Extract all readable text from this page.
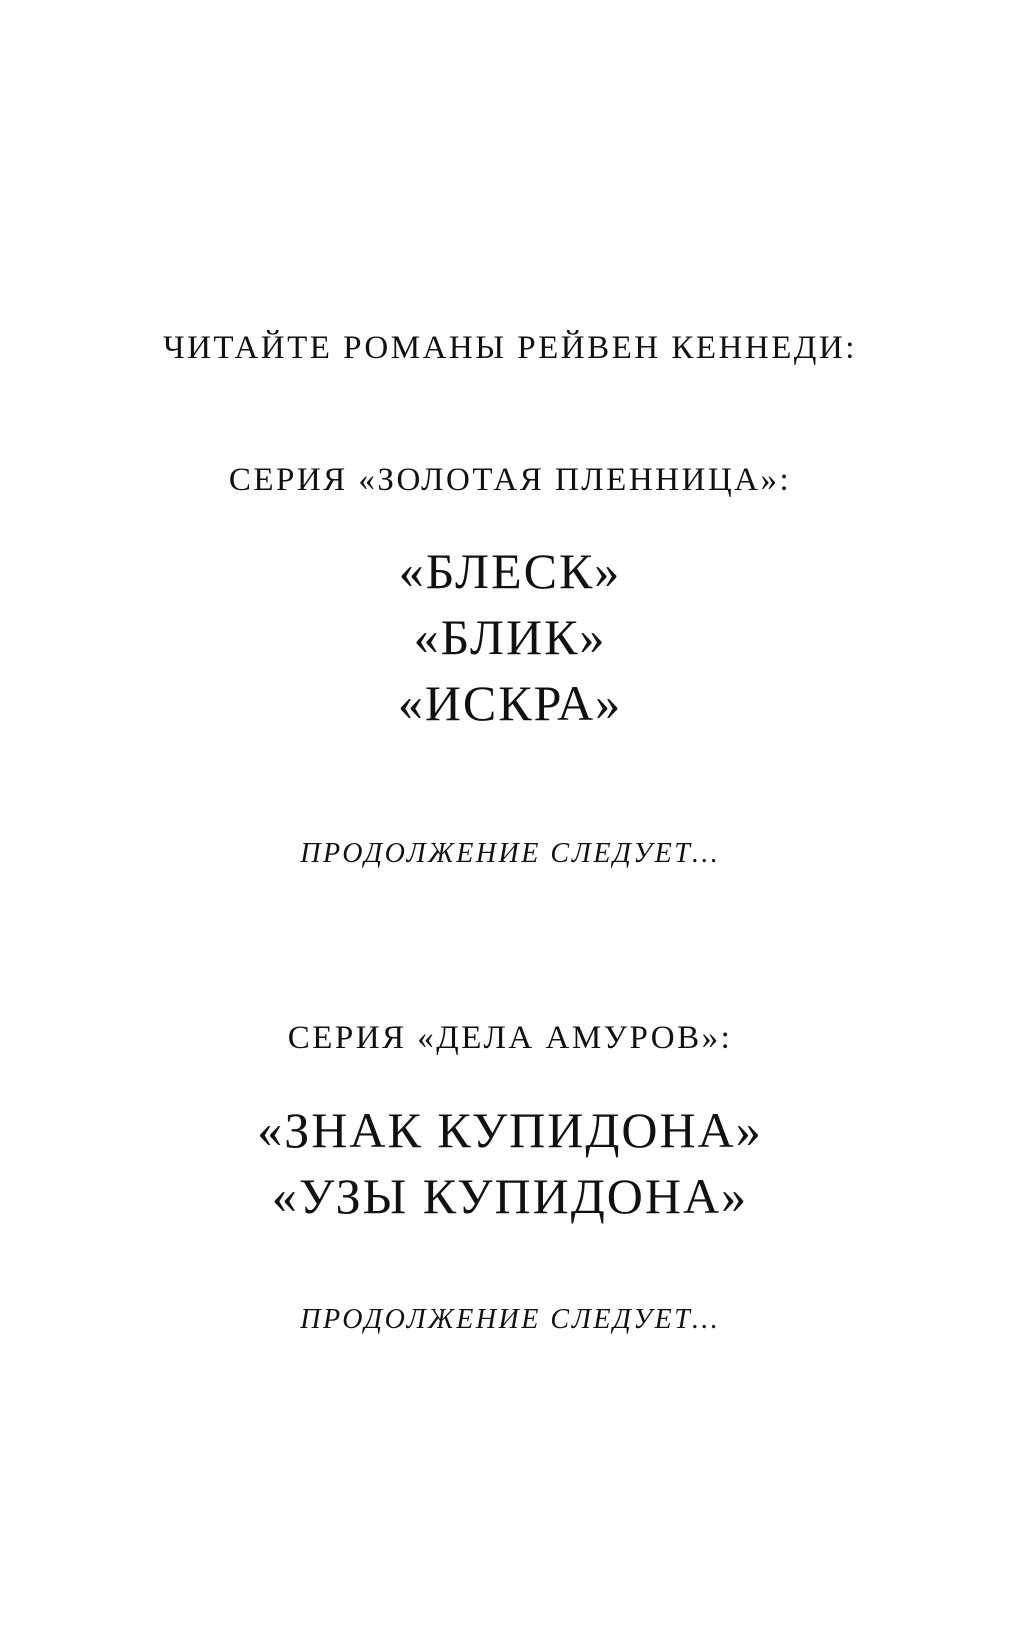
ЧИТАЙТЕ РОМАНЫ РЕЙВЕН КЕННЕДИ:
СЕРИЯ «ЗОЛОТАЯ ПЛЕННИЦА»:
«БЛЕСК»
«БЛИК»
«ИСКРА»

ПРОДОЛЖЕНИЕ СЛЕДУЕТ…

СЕРИЯ «ДЕЛА АМУРОВ»:
«ЗНАК КУПИДОНА»
«УЗЫ КУПИДОНА»

ПРОДОЛЖЕНИЕ СЛЕДУЕТ…
